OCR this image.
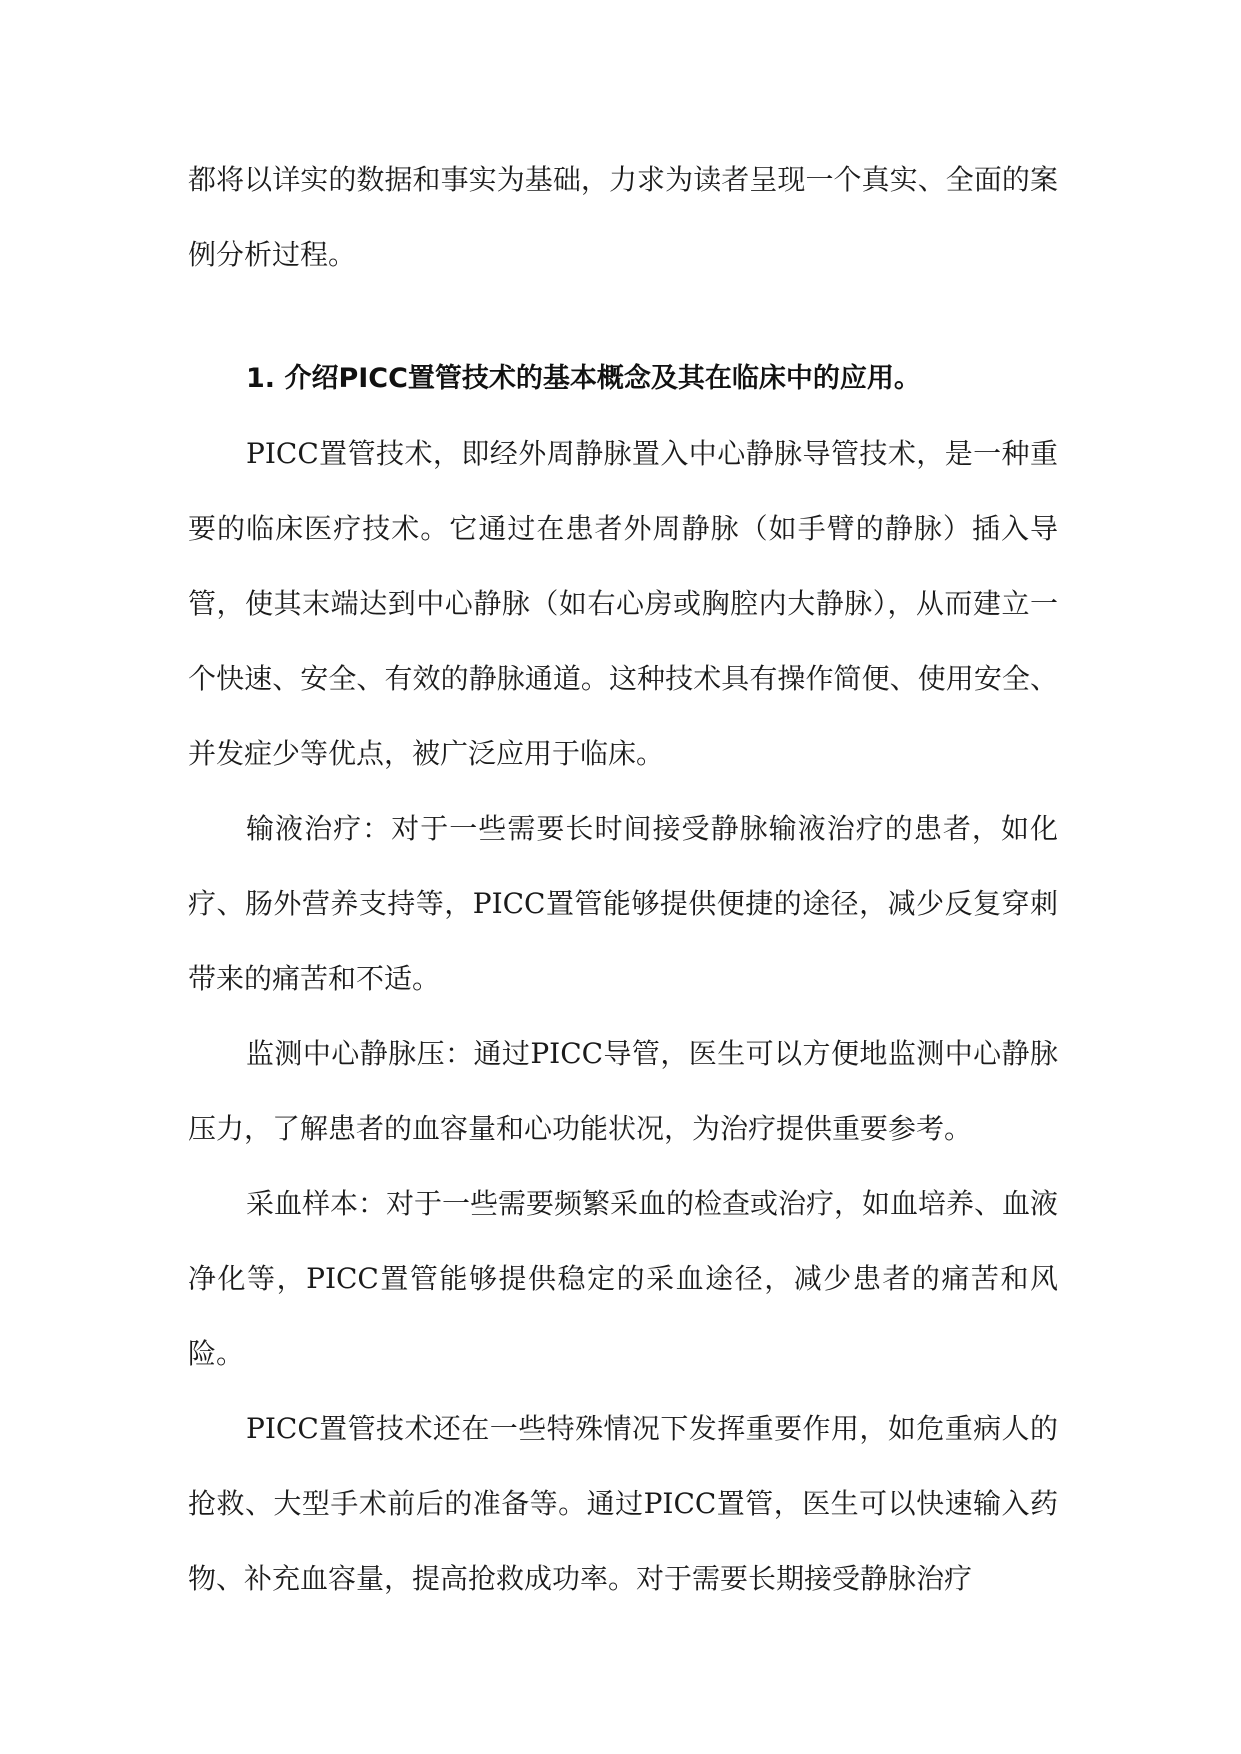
都将以详实的数据和事实为基础，力求为读者呈现一个真实、全面的案例分析过程。

1. 介绍PICC置管技术的基本概念及其在临床中的应用。

PICC置管技术，即经外周静脉置入中心静脉导管技术，是一种重要的临床医疗技术。它通过在患者外周静脉（如手臂的静脉）插入导管，使其末端达到中心静脉（如右心房或胸腔内大静脉），从而建立一个快速、安全、有效的静脉通道。这种技术具有操作简便、使用安全、并发症少等优点，被广泛应用于临床。

输液治疗：对于一些需要长时间接受静脉输液治疗的患者，如化疗、肠外营养支持等，PICC置管能够提供便捷的途径，减少反复穿刺带来的痛苦和不适。

监测中心静脉压：通过PICC导管，医生可以方便地监测中心静脉压力，了解患者的血容量和心功能状况，为治疗提供重要参考。

采血样本：对于一些需要频繁采血的检查或治疗，如血培养、血液净化等，PICC置管能够提供稳定的采血途径，减少患者的痛苦和风险。

PICC置管技术还在一些特殊情况下发挥重要作用，如危重病人的抢救、大型手术前后的准备等。通过PICC置管，医生可以快速输入药物、补充血容量，提高抢救成功率。对于需要长期接受静脉治疗
